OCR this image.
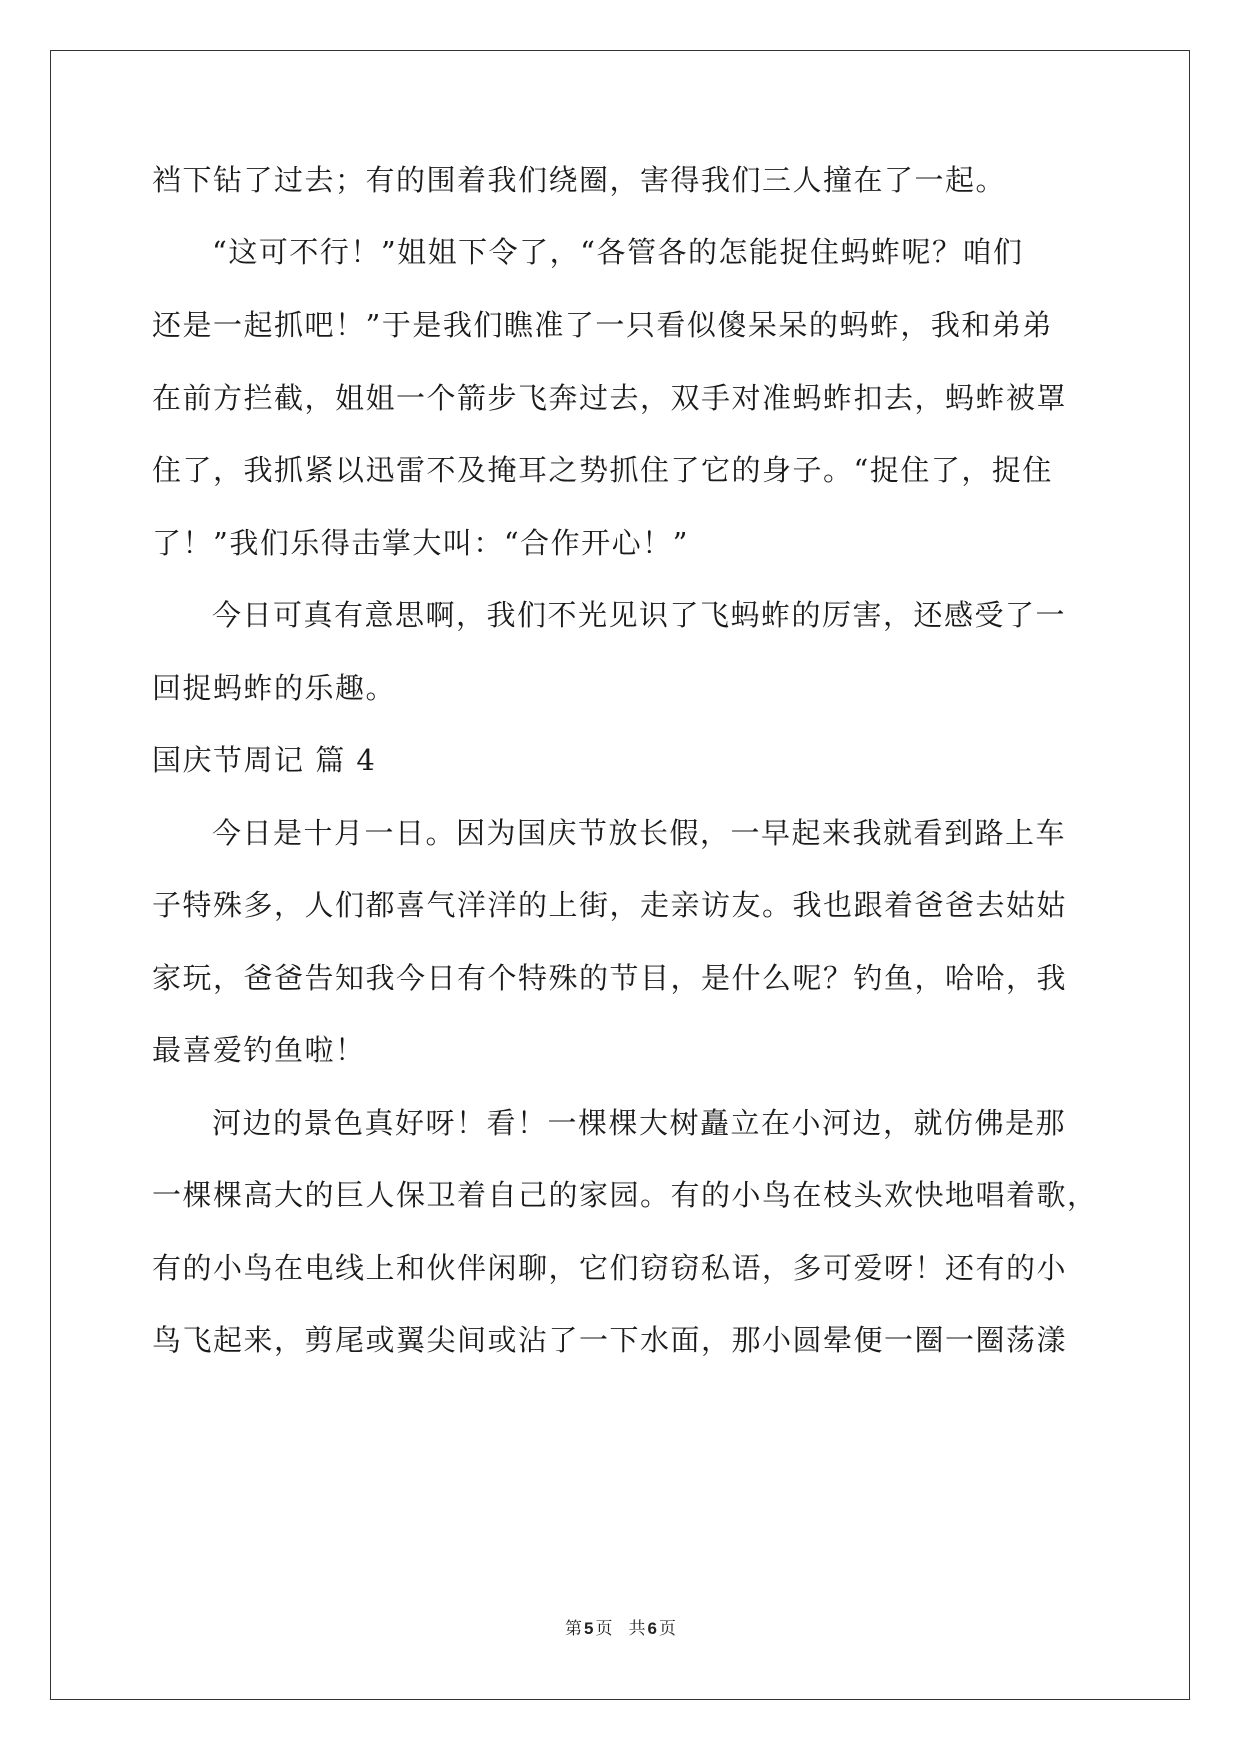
裆下钻了过去；有的围着我们绕圈，害得我们三人撞在了一起。
“这可不行！”姐姐下令了，“各管各的怎能捉住蚂蚱呢？咱们
还是一起抓吧！”于是我们瞧准了一只看似傻呆呆的蚂蚱，我和弟弟
在前方拦截，姐姐一个箭步飞奔过去，双手对准蚂蚱扣去，蚂蚱被罩
住了，我抓紧以迅雷不及掩耳之势抓住了它的身子。“捉住了，捉住
了！”我们乐得击掌大叫：“合作开心！”
今日可真有意思啊，我们不光见识了飞蚂蚱的厉害，还感受了一
回捉蚂蚱的乐趣。
国庆节周记 篇 4
今日是十月一日。因为国庆节放长假，一早起来我就看到路上车
子特殊多，人们都喜气洋洋的上街，走亲访友。我也跟着爸爸去姑姑
家玩，爸爸告知我今日有个特殊的节目，是什么呢？钓鱼，哈哈，我
最喜爱钓鱼啦！
河边的景色真好呀！看！一棵棵大树矗立在小河边，就仿佛是那
一棵棵高大的巨人保卫着自己的家园。有的小鸟在枝头欢快地唱着歌，
有的小鸟在电线上和伙伴闲聊，它们窃窃私语，多可爱呀！还有的小
鸟飞起来，剪尾或翼尖间或沾了一下水面，那小圆晕便一圈一圈荡漾
第 5 页 共 6 页
